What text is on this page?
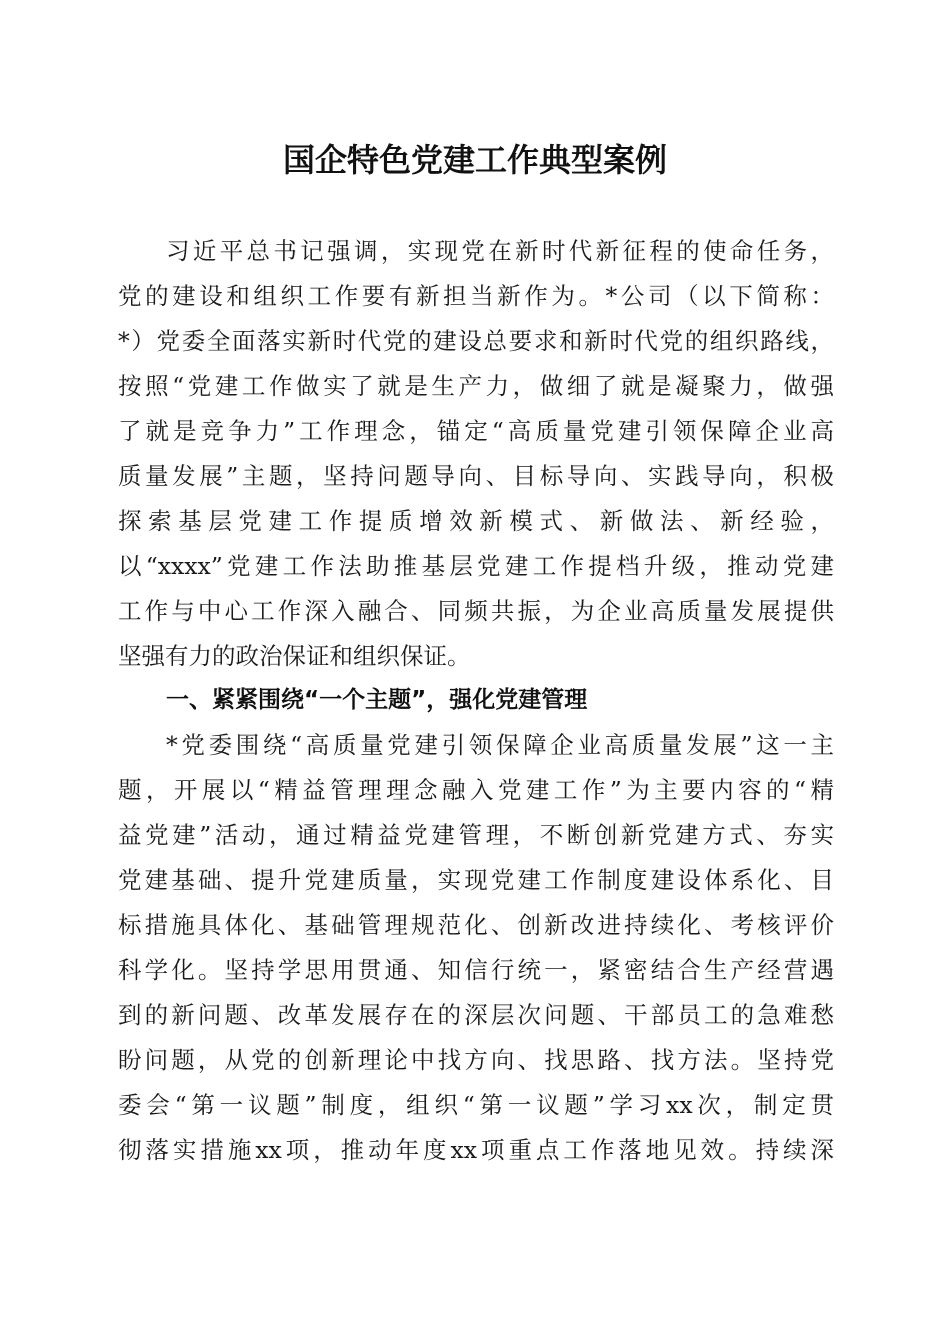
国企特色党建工作典型案例
习近平总书记强调，实现党在新时代新征程的使命任务，
党的建设和组织工作要有新担当新作为。*公司（以下简称：
*）党委全面落实新时代党的建设总要求和新时代党的组织路线，
按照“党建工作做实了就是生产力，做细了就是凝聚力，做强
了就是竞争力”工作理念，锚定“高质量党建引领保障企业高
质量发展”主题，坚持问题导向、目标导向、实践导向，积极
探索基层党建工作提质增效新模式、新做法、新经验，
以“xxxx”党建工作法助推基层党建工作提档升级，推动党建
工作与中心工作深入融合、同频共振，为企业高质量发展提供
坚强有力的政治保证和组织保证。
一、紧紧围绕“一个主题”，强化党建管理
*党委围绕“高质量党建引领保障企业高质量发展”这一主
题，开展以“精益管理理念融入党建工作”为主要内容的“精
益党建”活动，通过精益党建管理，不断创新党建方式、夯实
党建基础、提升党建质量，实现党建工作制度建设体系化、目
标措施具体化、基础管理规范化、创新改进持续化、考核评价
科学化。坚持学思用贯通、知信行统一，紧密结合生产经营遇
到的新问题、改革发展存在的深层次问题、干部员工的急难愁
盼问题，从党的创新理论中找方向、找思路、找方法。坚持党
委会“第一议题”制度，组织“第一议题”学习xx次，制定贯
彻落实措施xx项，推动年度xx项重点工作落地见效。持续深
